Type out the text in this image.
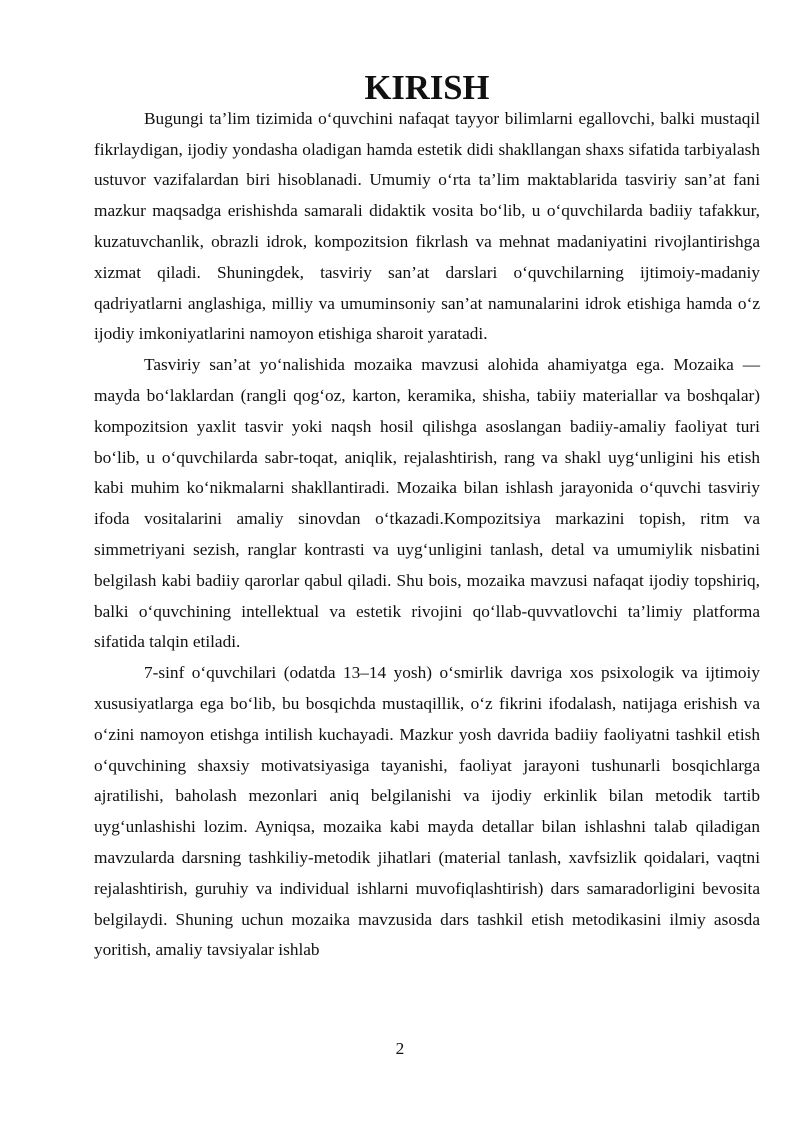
KIRISH

Bugungi ta’lim tizimida o‘quvchini nafaqat tayyor bilimlarni egallovchi, balki mustaqil fikrlaydigan, ijodiy yondasha oladigan hamda estetik didi shakllangan shaxs sifatida tarbiyalash ustuvor vazifalardan biri hisoblanadi. Umumiy o‘rta ta’lim maktablarida tasviriy san’at fani mazkur maqsadga erishishda samarali didaktik vosita bo‘lib, u o‘quvchilarda badiiy tafakkur, kuzatuvchanlik, obrazli idrok, kompozitsion fikrlash va mehnat madaniyatini rivojlantirishga xizmat qiladi. Shuningdek, tasviriy san’at darslari o‘quvchilarning ijtimoiy-madaniy qadriyatlarni anglashiga, milliy va umuminsoniy san’at namunalarini idrok etishiga hamda o‘z ijodiy imkoniyatlarini namoyon etishiga sharoit yaratadi.

Tasviriy san’at yo‘nalishida mozaika mavzusi alohida ahamiyatga ega. Mozaika — mayda bo‘laklardan (rangli qog‘oz, karton, keramika, shisha, tabiiy materiallar va boshqalar) kompozitsion yaxlit tasvir yoki naqsh hosil qilishga asoslangan badiiy-amaliy faoliyat turi bo‘lib, u o‘quvchilarda sabr-toqat, aniqlik, rejalashtirish, rang va shakl uyg‘unligini his etish kabi muhim ko‘nikmalarni shakllantiradi. Mozaika bilan ishlash jarayonida o‘quvchi tasviriy ifoda vositalarini amaliy sinovdan o‘tkazadi.Kompozitsiya markazini topish, ritm va simmetriyani sezish, ranglar kontrasti va uyg‘unligini tanlash, detal va umumiylik nisbatini belgilash kabi badiiy qarorlar qabul qiladi. Shu bois, mozaika mavzusi nafaqat ijodiy topshiriq, balki o‘quvchining intellektual va estetik rivojini qo‘llab-quvvatlovchi ta’limiy platforma sifatida talqin etiladi.

7-sinf o‘quvchilari (odatda 13–14 yosh) o‘smirlik davriga xos psixologik va ijtimoiy xususiyatlarga ega bo‘lib, bu bosqichda mustaqillik, o‘z fikrini ifodalash, natijaga erishish va o‘zini namoyon etishga intilish kuchayadi. Mazkur yosh davrida badiiy faoliyatni tashkil etish o‘quvchining shaxsiy motivatsiyasiga tayanishi, faoliyat jarayoni tushunarli bosqichlarga ajratilishi, baholash mezonlari aniq belgilanishi va ijodiy erkinlik bilan metodik tartib uyg‘unlashishi lozim. Ayniqsa, mozaika kabi mayda detallar bilan ishlashni talab qiladigan mavzularda darsning tashkiliy-metodik jihatlari (material tanlash, xavfsizlik qoidalari, vaqtni rejalashtirish, guruhiy va individual ishlarni muvofiqlashtirish) dars samaradorligini bevosita belgilaydi. Shuning uchun mozaika mavzusida dars tashkil etish metodikasini ilmiy asosda yoritish, amaliy tavsiyalar ishlab

2
